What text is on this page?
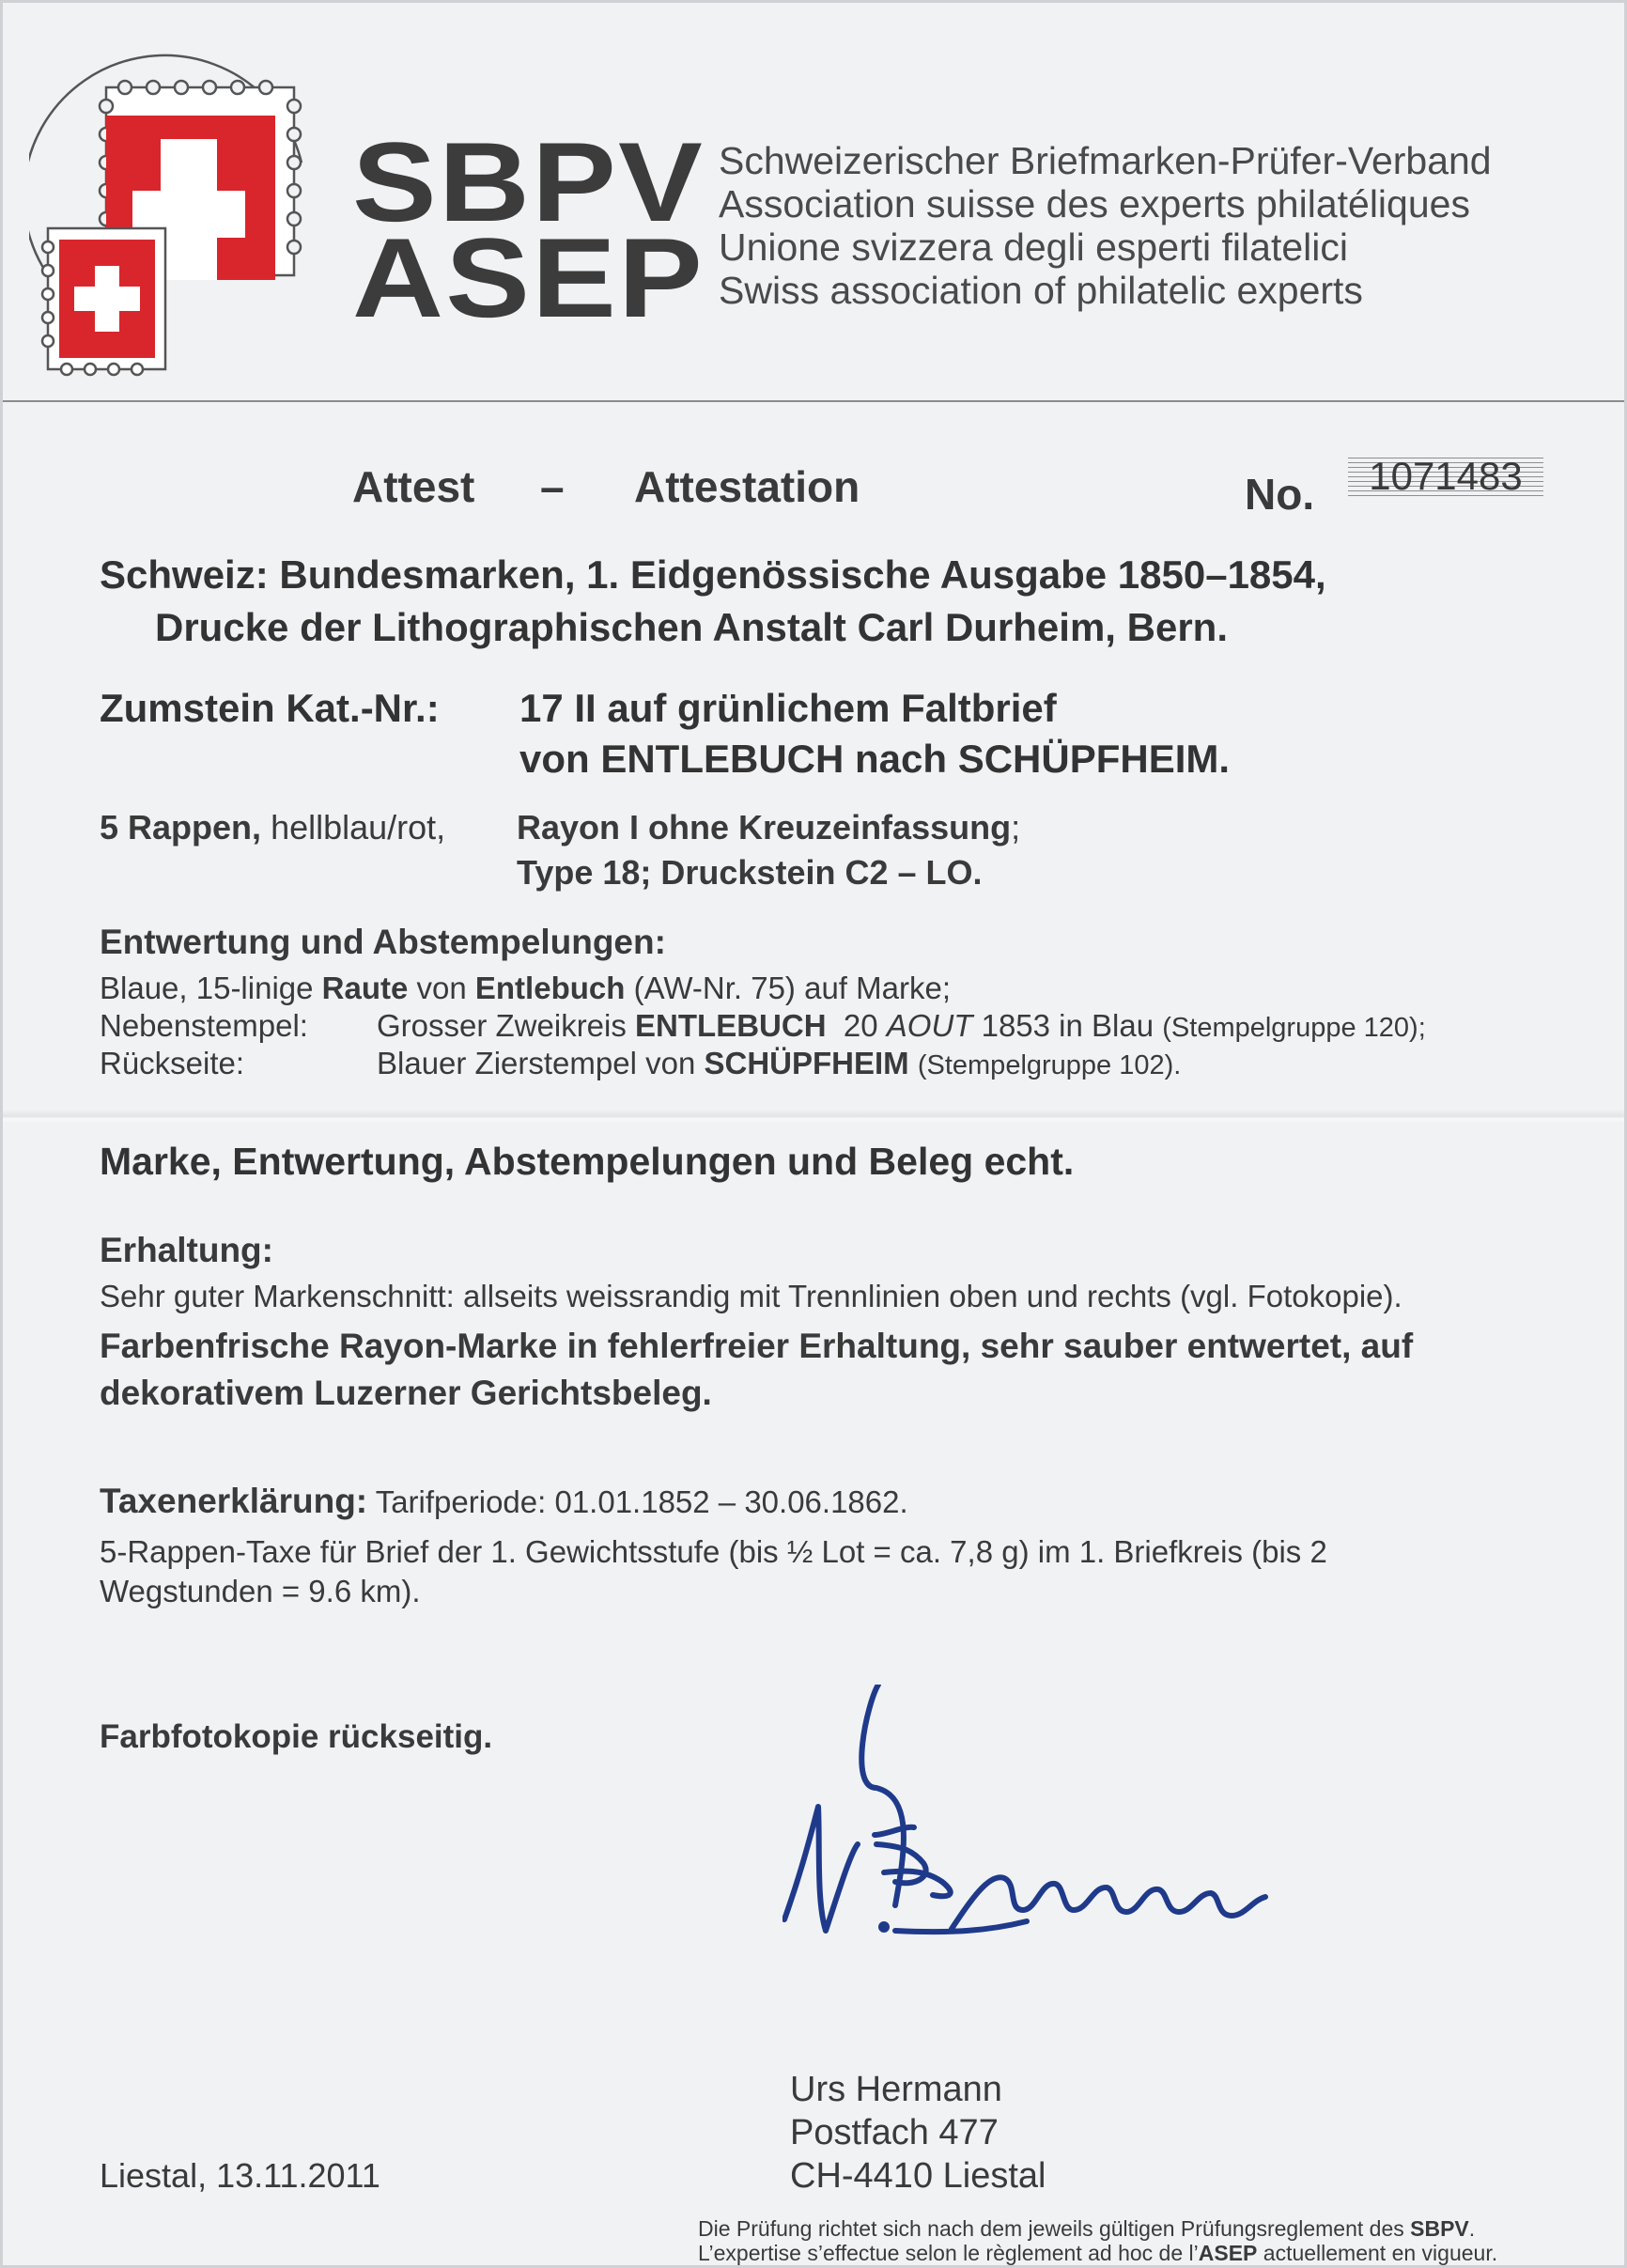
SBPV
ASEP
Schweizerischer Briefmarken-Prüfer-Verband
Association suisse des experts philatéliques
Unione svizzera degli esperti filatelici
Swiss association of philatelic experts
Attest – Attestation	No.	1071483
Schweiz: Bundesmarken, 1. Eidgenössische Ausgabe 1850–1854,
Drucke der Lithographischen Anstalt Carl Durheim, Bern.
Zumstein Kat.-Nr.: 17 II auf grünlichem Faltbrief
von ENTLEBUCH nach SCHÜPFHEIM.
5 Rappen, hellblau/rot, Rayon I ohne Kreuzeinfassung;
Type 18; Druckstein C2 – LO.
Entwertung und Abstempelungen:
Blaue, 15-linige Raute von Entlebuch (AW-Nr. 75) auf Marke;
Nebenstempel: Grosser Zweikreis ENTLEBUCH  20 AOUT 1853 in Blau (Stempelgruppe 120);
Rückseite:	Blauer Zierstempel von SCHÜPFHEIM (Stempelgruppe 102).
Marke, Entwertung, Abstempelungen und Beleg echt.
Erhaltung:
Sehr guter Markenschnitt: allseits weissrandig mit Trennlinien oben und rechts (vgl. Fotokopie).
Farbenfrische Rayon-Marke in fehlerfreier Erhaltung, sehr sauber entwertet, auf
dekorativem Luzerner Gerichtsbeleg.
Taxenerklärung: Tarifperiode: 01.01.1852 – 30.06.1862.
5-Rappen-Taxe für Brief der 1. Gewichtsstufe (bis ½ Lot = ca. 7,8 g) im 1. Briefkreis (bis 2
Wegstunden = 9.6 km).
Farbfotokopie rückseitig.
Urs Hermann
Postfach 477
CH-4410 Liestal
Liestal, 13.11.2011
Die Prüfung richtet sich nach dem jeweils gültigen Prüfungsreglement des SBPV.
L’expertise s’effectue selon le règlement ad hoc de l’ASEP actuellement en vigueur.
